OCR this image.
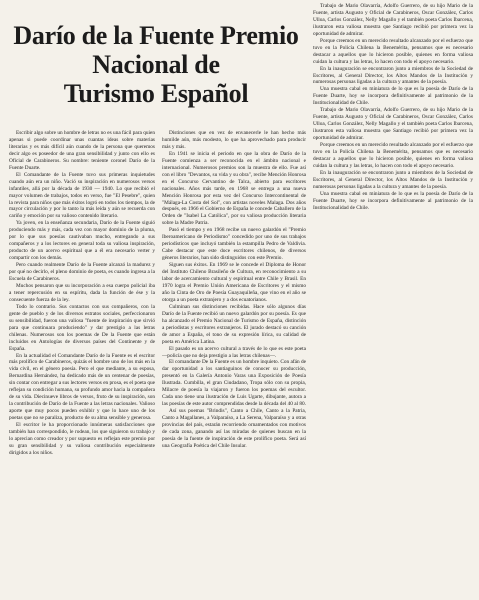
Darío de la Fuente Premio
Nacional de
Turismo Español

Escribir algo sobre un hombre de letras no es una fácil para quien apenas si puede coordinar unas cuantas ideas sobre materias literarias y es más difícil aún cuando de la persona que queremos decir algo es poseedor de una gran sensibilidad y junto con ello es Oficial de Carabineros. Su nombre: teniente coronel Darío de la Fuente Duarte.

El Comandante de la Fuente tuvo sus primeras inquietudes cuando aún era un niño. Vació su inspiración en numerosos versos infantiles, allá por la década de 1930 — 1940. Lo que recibió el mayor volumen de trabajos, todos en verso, fue "El Pesebre", quien la revista para niños que más éxitos logró en todos los tiempos, la de mayor circulación y por lo tanto la más leída y aún se recuerda con cariño y emoción por su valioso contenido literario.

Ya joven, en la enseñanza secundaria, Darío de la Fuente siguió produciendo más y más, cada vez con mayor dominio de la pluma, por lo que sus poesías cautivaban mucho, entregando a sus compañeros y a los lectores en general toda su valiosa inspiración, producto de un acervo espiritual que a él era necesario verter y compartir con los demás.

Pero cuando realmente Darío de la Fuente alcanzó la madurez y por qué no decirlo, el pleno dominio de poeta, es cuando ingresa a la Escuela de Carabineros.

Muchos pensaron que su incorporación a esa cuerpo policial iba a tener repercusión en su espíritu, dada la función de ése y la consecuente fuerza de la ley.

Todo lo contrario. Sus contactos con sus compañeros, con la gente de pueblo y de los diversos estratos sociales, perfeccionaron su sensibilidad, fueron una valiosa "fuente de inspiración que sirvió para que continuara produciendo" y dar prestigio a las letras chilenas. Numerosos son los poemas de De la Fuente que están incluidos en Antologías de diversos países del Continente y de España.

En la actualidad el Comandante Darío de la Fuente es el escritor más prolífico de Carabineros, quizás el hombre uno de los más en la vida civil, en el género poesía. Pero el que mediante, a su esposa, Bernardina Hernández, ha dedicado más de un centenar de poesías, sin contar con entregar a sus lectores versos en prosa, es el poeta que reflejan su condición humana, su profundo amor hacia la compañera de su vida. Diecinueve libros de versos, fruto de su inspiración, son la contribución de Darío de la Fuente a las letras nacionales. Valioso aporte que muy pocos pueden exhibir y que lo hace uno de los poetas que no se paraliza, producto de su alma sensible y generosa.

El escritor le ha proporcionado innúmeras satisfacciones que también han correspondido, le rodean, los que siguieron su trabajo y lo aprecian como creador y por supuesto es reflejan este premio por su gran sensibilidad y su valiosa contribución especialmente dirigidos a los niños.

Distinciones que en vez de envanecerle le han hecho más humilde aún, más modesto, lo que ha aprovechado para producir más y más.

En 1941 se inicia el periodo en que la obra de Darío de la Fuente comienza a ser reconocida en el ámbito nacional e internacional. Numerosos premios son la muestra de ello. Fue así con el libro "Devantos, su vida y su obra", recibe Mención Honrosa en el Concurso Cervantino de Talca, abierto para escritores nacionales. Años más tarde, en 1968 se entrega a una nueva Mención Honrosa por esta vez del Concurso Intercontinental de "Málaga-La Costa del Sol", con artistas noveles Malaga. Dos años después, en 1966 el Gobierno de España le concede Caballero de la Orden de "Isabel La Católica", por su valiosa producción literaria sobre la Madre Patria.

Pasó el tiempo y en 1968 recibe un nuevo galardón el "Premio Iberoamericano de Periodismo" concedido por uno de sus trabajos periodísticos que incluyó también la estampilla Pedro de Valdivia. Cabe destacar que este doce escritores chilenos, de diversos géneros literarios, han sido distinguidos con este Premio.

Siguen sus éxitos. En 1969 se le concede el Diploma de Honor del Instituto Chileno Brasileño de Cultura, en reconocimiento a su labor de acercamiento cultural y espiritual entre Chile y Brasil. En 1970 logra el Premio Unión Americana de Escritores y el mismo año la Cinta de Oro de Poesía Guayaquileña, que vino en el año se otorga a un poeta extranjero y a dos ecuatorianos.

Culminan sus distinciones recibidas. Hace sólo algunos días Darío de la Fuente recibió un nuevo galardón por su poesía. Es que ha alcanzado el Premio Nacional de Turismo de España, distinción a periodistas y escritores extranjeros. El jurado destacó su canción de amor a España, el tono de su expresión lírica, su calidad de poeta en América Latina.

El pasado es un acervo cultural a través de lo que es este poeta —policía que no deja prestigio a las letras chilenas—.

El comandante De la Fuente es un hombre inquieto. Con afán de dar oportunidad a los santiaguinos de conocer su producción, presentó en la Galería Antonio Varas una Exposición de Poesía Ilustrada. Cumbilla, el gran Ciudadano, Tropa sólo con su propia, Milacre de poesía la viajaron y fueron los poemas del escultor. Cada uno tiene una ilustración de Luis Ugarte, dibujante, autora a las poesías de este autor comprendidas desde la década del 40 al 80.

Así sus poemas "Brindis", Canto a Chile, Canto a la Patria, Canto a Magallanes, a Valparaíso, a La Serena, Valparaíso y a otras provincias del país, estarán recorriendo ornamentados con motivos de cada zona, ganando así las miradas de quienes buscan en la poesía de la fuente de inspiración de este prolífico poeta. Será así una Geografía Poética del Chile Insular.

Trabajo de Mario Olavarría, Adolfo Guerrero, de su hijo Mario de la Fuente, artista Augusto y Oficial de Carabineros, Oscar González, Carlos Ulloa, Carlos González, Nelly Magallo y el también poeta Carlos Ibarcena, ilustraron esta valiosa muestra que Santiago recibió por primera vez la oportunidad de admirar.

Porque creemos en un merecido resultado alcanzado por el esfuerzo que tuvo en la Policía Chilena la Benemérita, pensamos que es necesario destacar a aquellos que lo hicieron posible, quienes en forma valiosa cuidan la cultura y las letras, lo hacen con todo el apoyo necesario.

En la inauguración se encontraron junto a miembros de la Sociedad de Escritores, al General Director, los Altos Mandos de la Institución y numerosas personas ligadas a la cultura y amantes de la poesía.

Una muestra cabal en miniatura de lo que es la poesía de Darío de la Fuente Duarte, hoy se incorpora definitivamente al patrimonio de la Institucionalidad de Chile.

Trabajo de Mario Olavarría, Adolfo Guerrero, de su hijo Mario de la Fuente, artista Augusto y Oficial de Carabineros, Oscar González, Carlos Ulloa, Carlos González, Nelly Magallo y el también poeta Carlos Ibarcena, ilustraron esta valiosa muestra que Santiago recibió por primera vez la oportunidad de admirar.

Porque creemos en un merecido resultado alcanzado por el esfuerzo que tuvo en la Policía Chilena la Benemérita, pensamos que es necesario destacar a aquellos que lo hicieron posible, quienes en forma valiosa cuidan la cultura y las letras, lo hacen con todo el apoyo necesario.

En la inauguración se encontraron junto a miembros de la Sociedad de Escritores, al General Director, los Altos Mandos de la Institución y numerosas personas ligadas a la cultura y amantes de la poesía.

Una muestra cabal en miniatura de lo que es la poesía de Darío de la Fuente Duarte, hoy se incorpora definitivamente al patrimonio de la Institucionalidad de Chile.
